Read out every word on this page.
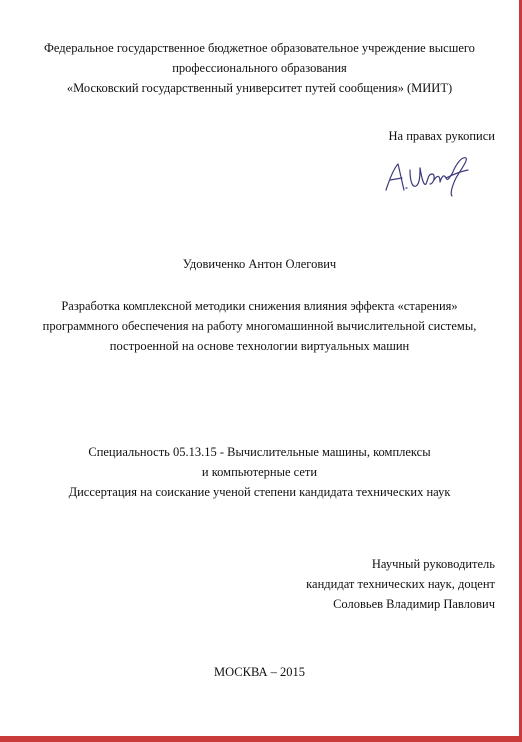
Федеральное государственное бюджетное образовательное учреждение высшего
профессионального образования
«Московский государственный университет путей сообщения» (МИИТ)
На правах рукописи
Удовиченко Антон Олегович
Разработка комплексной методики снижения влияния эффекта «старения»
программного обеспечения на работу многомашинной вычислительной системы,
построенной на основе технологии виртуальных машин
Специальность 05.13.15 - Вычислительные машины, комплексы
и компьютерные сети
Диссертация на соискание ученой степени кандидата технических наук
Научный руководитель
кандидат технических наук, доцент
Соловьев Владимир Павлович
МОСКВА – 2015
